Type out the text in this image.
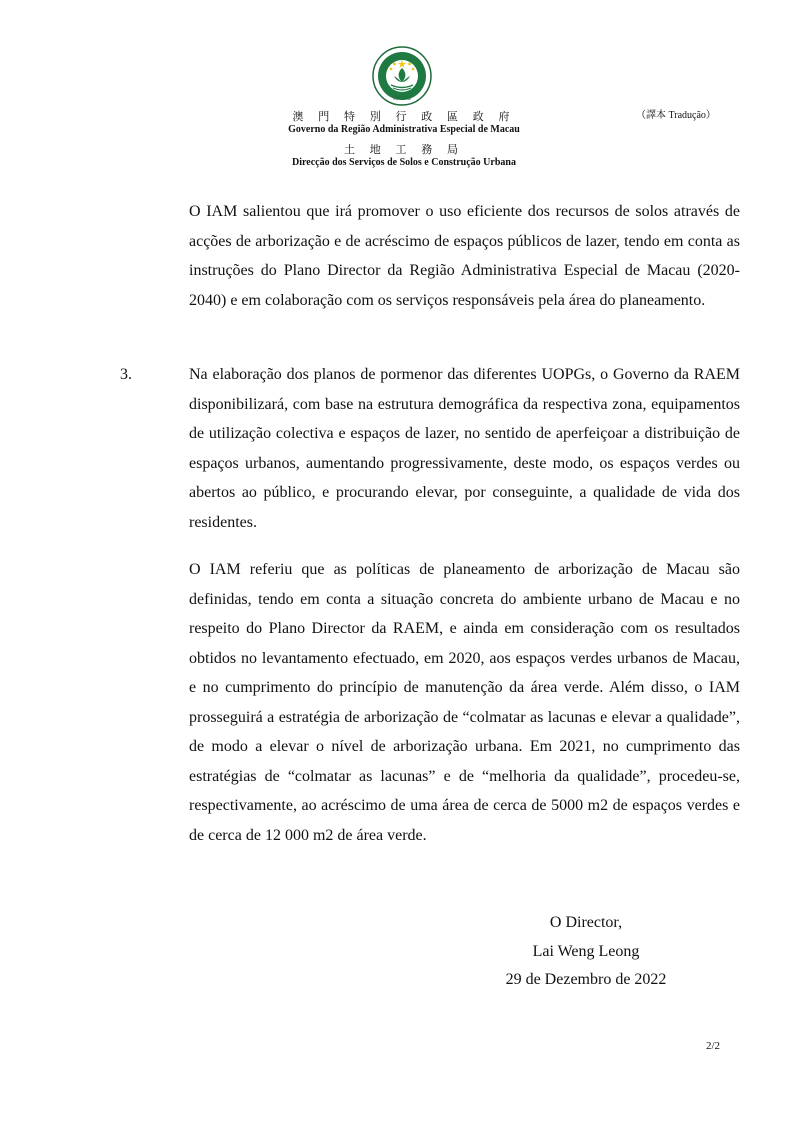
MACAU
澳 門 特 別 行 政 區 政 府
Governo da Região Administrativa Especial de Macau
土 地 工 務 局
Direcção dos Serviços de Solos e Construção Urbana
（譯本 Tradução）

O IAM salientou que irá promover o uso eficiente dos recursos de solos através de acções de arborização e de acréscimo de espaços públicos de lazer, tendo em conta as instruções do Plano Director da Região Administrativa Especial de Macau (2020-2040) e em colaboração com os serviços responsáveis pela área do planeamento.

3.	Na elaboração dos planos de pormenor das diferentes UOPGs, o Governo da RAEM disponibilizará, com base na estrutura demográfica da respectiva zona, equipamentos de utilização colectiva e espaços de lazer, no sentido de aperfeiçoar a distribuição de espaços urbanos, aumentando progressivamente, deste modo, os espaços verdes ou abertos ao público, e procurando elevar, por conseguinte, a qualidade de vida dos residentes.

O IAM referiu que as políticas de planeamento de arborização de Macau são definidas, tendo em conta a situação concreta do ambiente urbano de Macau e no respeito do Plano Director da RAEM, e ainda em consideração com os resultados obtidos no levantamento efectuado, em 2020, aos espaços verdes urbanos de Macau, e no cumprimento do princípio de manutenção da área verde. Além disso, o IAM prosseguirá a estratégia de arborização de “colmatar as lacunas e elevar a qualidade”, de modo a elevar o nível de arborização urbana. Em 2021, no cumprimento das estratégias de “colmatar as lacunas” e de “melhoria da qualidade”, procedeu-se, respectivamente, ao acréscimo de uma área de cerca de 5000 m2 de espaços verdes e de cerca de 12 000 m2 de área verde.

O Director,
Lai Weng Leong
29 de Dezembro de 2022
2/2
